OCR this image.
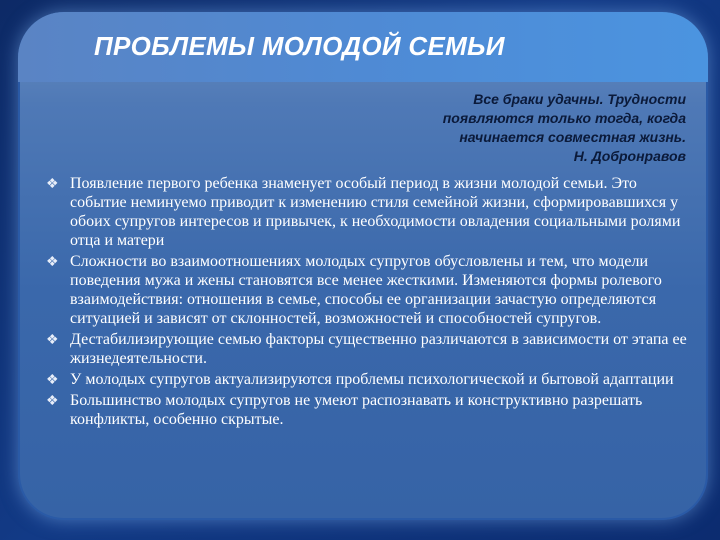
ПРОБЛЕМЫ МОЛОДОЙ СЕМЬИ
Все браки удачны. Трудности
появляются только тогда, когда
начинается совместная жизнь.
Н. Добронравов
❖ Появление первого ребенка знаменует особый период в жизни молодой семьи. Это событие неминуемо приводит к изменению стиля семейной жизни, сформировавшихся у обоих супругов интересов и привычек, к необходимости овладения социальными ролями отца и матери
❖ Сложности во взаимоотношениях молодых супругов обусловлены и тем, что модели поведения мужа и жены становятся все менее жесткими. Изменяются формы ролевого взаимодействия: отношения в семье, способы ее организации зачастую определяются ситуацией и зависят от склонностей, возможностей и способностей супругов.
❖ Дестабилизирующие семью факторы существенно различаются в зависимости от этапа ее жизнедеятельности.
❖ У молодых супругов актуализируются проблемы психологической и бытовой адаптации
❖ Большинство молодых супругов не умеют распознавать и конструктивно разрешать конфликты, особенно скрытые.
